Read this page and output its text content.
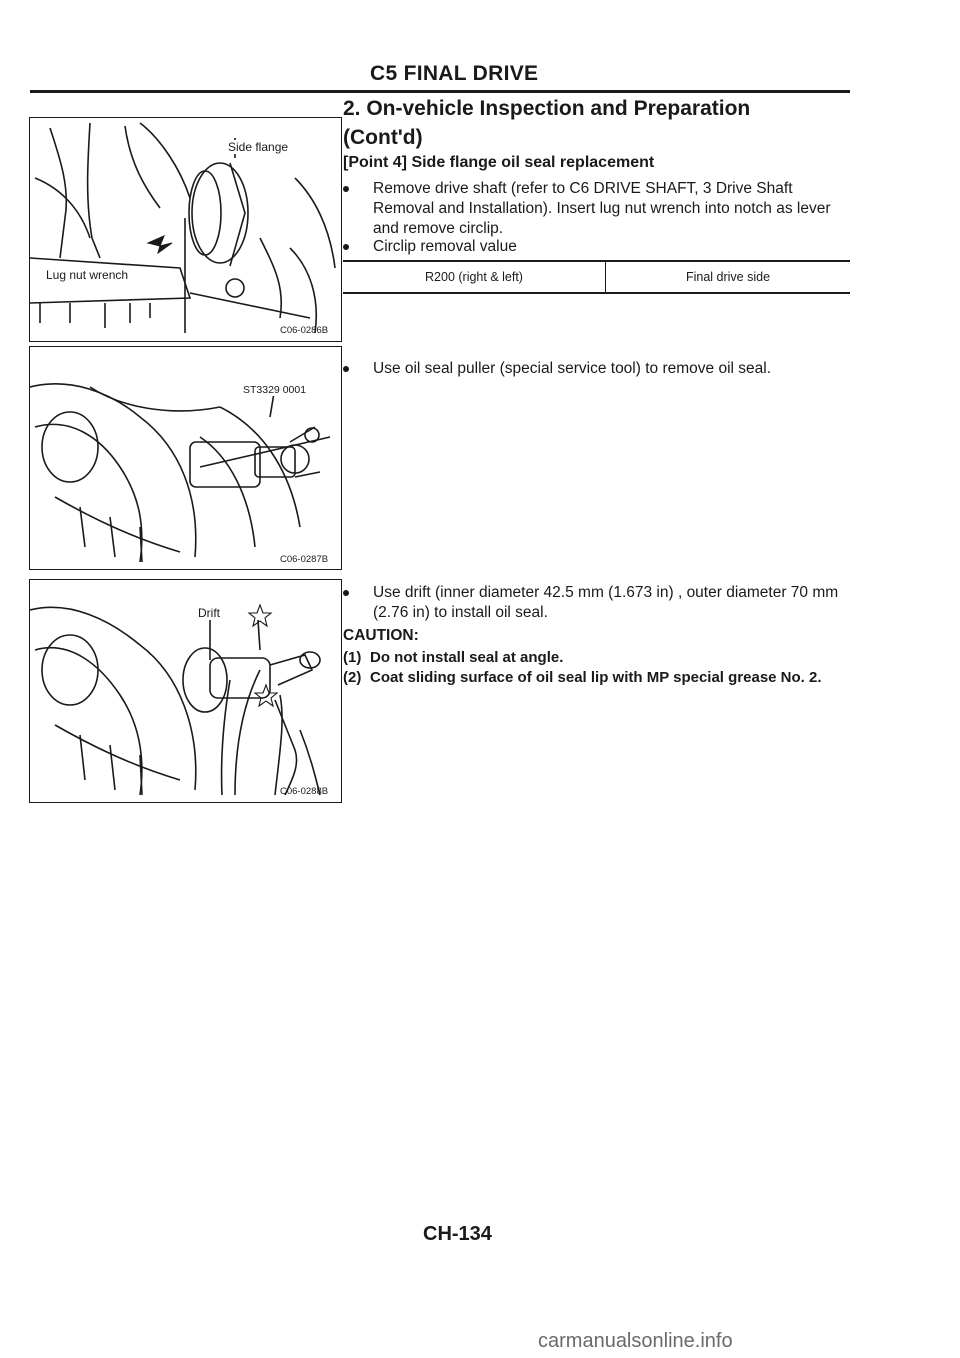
C5 FINAL DRIVE
2. On-vehicle Inspection and Preparation
(Cont'd)
[Point 4] Side flange oil seal replacement
Remove drive shaft (refer to C6 DRIVE SHAFT, 3 Drive Shaft Removal and Installation). Insert lug nut wrench into notch as lever and remove circlip.
Circlip removal value
R200 (right & left)	Final drive side
Use oil seal puller (special service tool) to remove oil seal.
Use drift (inner diameter 42.5 mm (1.673 in) , outer diameter 70 mm (2.76 in) to install oil seal.
CAUTION:
(1) Do not install seal at angle.
(2) Coat sliding surface of oil seal lip with MP special grease No. 2.
Side flange
Lug nut wrench
C06-0286B
ST3329 0001
C06-0287B
Drift
C06-0288B
CH-134
carmanualsonline.info
